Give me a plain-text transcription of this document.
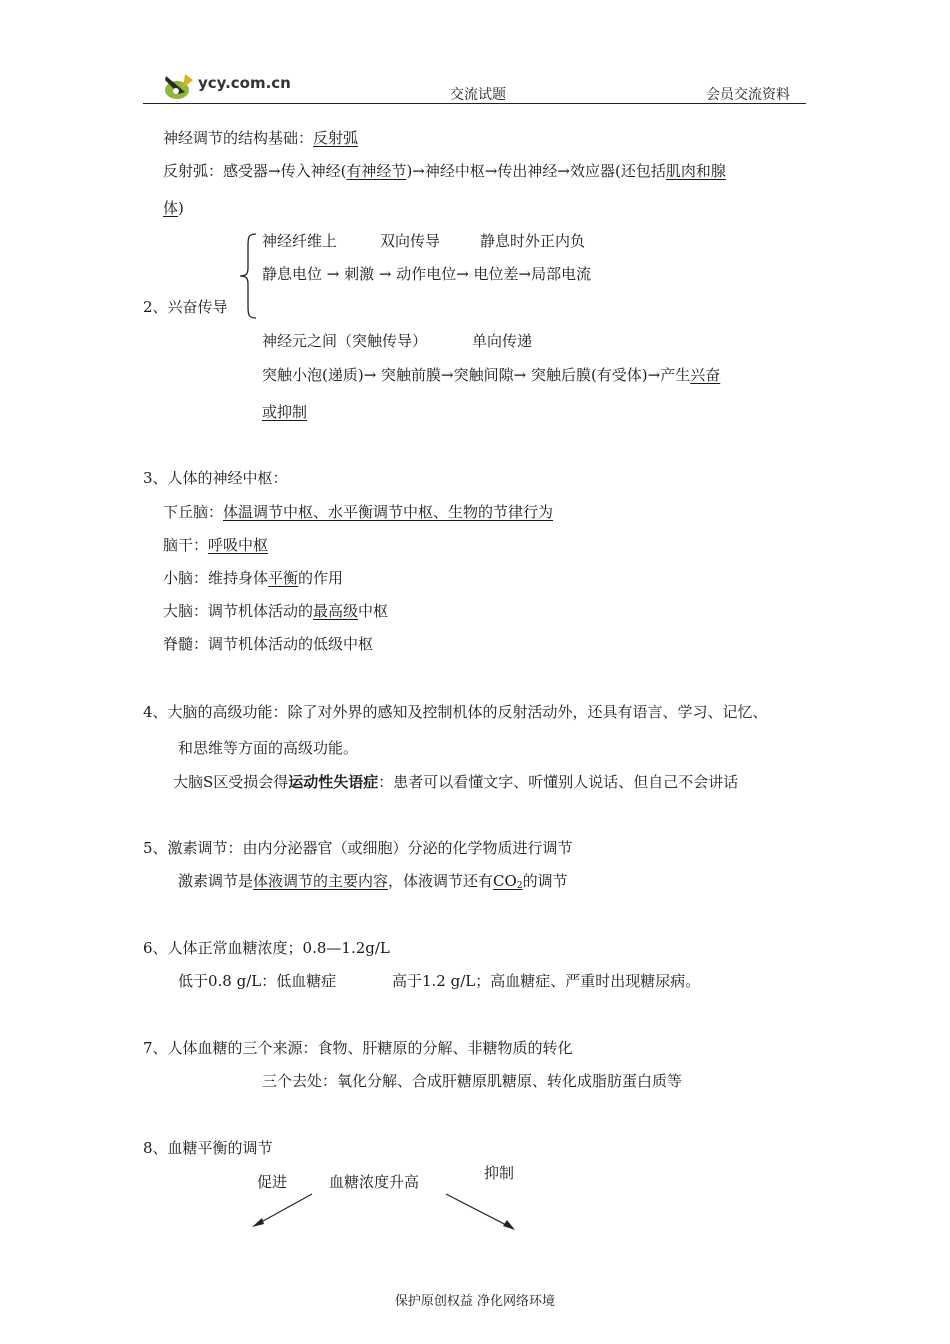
ycy.com.cn
交流试题	会员交流资料
神经调节的结构基础：反射弧
反射弧：感受器→传入神经(有神经节)→神经中枢→传出神经→效应器(还包括肌肉和腺
体)
神经纤维上	双向传导	静息时外正内负
静息电位 → 刺激 → 动作电位→ 电位差→局部电流
2、兴奋传导
神经元之间（突触传导）	单向传递
突触小泡(递质)→ 突触前膜→突触间隙→ 突触后膜(有受体)→产生兴奋
或抑制
3、人体的神经中枢：
下丘脑：体温调节中枢、水平衡调节中枢、生物的节律行为
脑干：呼吸中枢
小脑：维持身体平衡的作用
大脑：调节机体活动的最高级中枢
脊髓：调节机体活动的低级中枢
4、大脑的高级功能：除了对外界的感知及控制机体的反射活动外，还具有语言、学习、记忆、
和思维等方面的高级功能。
大脑S区受损会得运动性失语症：患者可以看懂文字、听懂别人说话、但自己不会讲话
5、激素调节：由内分泌器官（或细胞）分泌的化学物质进行调节
激素调节是体液调节的主要内容，体液调节还有$CO_2$的调节
6、人体正常血糖浓度；0.8—1.2g/L
低于0.8 g/L：低血糖症	高于1.2 g/L；高血糖症、严重时出现糖尿病。
7、人体血糖的三个来源：食物、肝糖原的分解、非糖物质的转化
三个去处：氧化分解、合成肝糖原肌糖原、转化成脂肪蛋白质等
8、血糖平衡的调节
促进	血糖浓度升高	抑制
保护原创权益 净化网络环境
